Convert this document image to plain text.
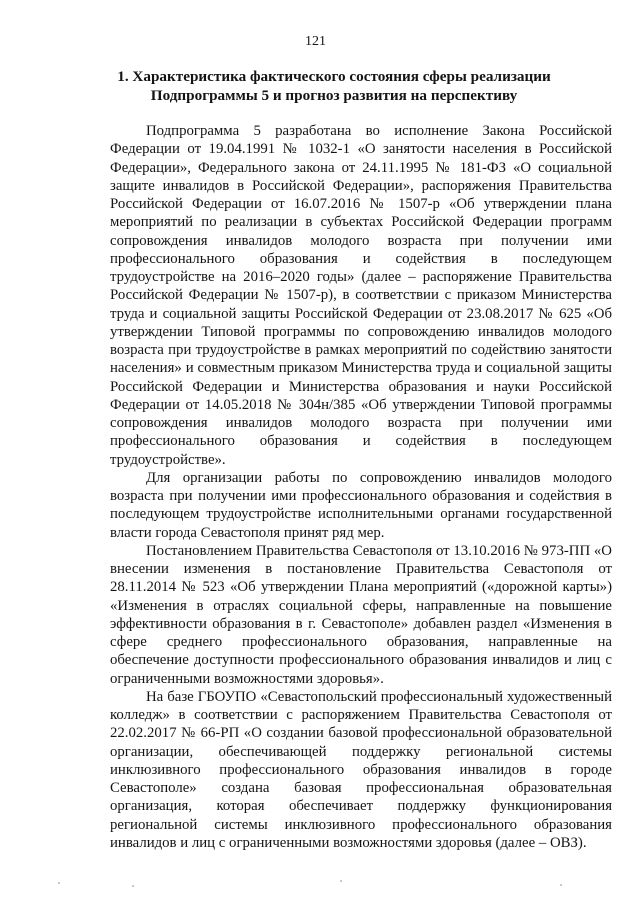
121
1. Характеристика фактического состояния сферы реализации Подпрограммы 5 и прогноз развития на перспективу

Подпрограмма 5 разработана во исполнение Закона Российской Федерации от 19.04.1991 № 1032-1 «О занятости населения в Российской Федерации», Федерального закона от 24.11.1995 № 181-ФЗ «О социальной защите инвалидов в Российской Федерации», распоряжения Правительства Российской Федерации от 16.07.2016 № 1507-р «Об утверждении плана мероприятий по реализации в субъектах Российской Федерации программ сопровождения инвалидов молодого возраста при получении ими профессионального образования и содействия в последующем трудоустройстве на 2016–2020 годы» (далее – распоряжение Правительства Российской Федерации № 1507-р), в соответствии с приказом Министерства труда и социальной защиты Российской Федерации от 23.08.2017 № 625 «Об утверждении Типовой программы по сопровождению инвалидов молодого возраста при трудоустройстве в рамках мероприятий по содействию занятости населения» и совместным приказом Министерства труда и социальной защиты Российской Федерации и Министерства образования и науки Российской Федерации от 14.05.2018 № 304н/385 «Об утверждении Типовой программы сопровождения инвалидов молодого возраста при получении ими профессионального образования и содействия в последующем трудоустройстве».

Для организации работы по сопровождению инвалидов молодого возраста при получении ими профессионального образования и содействия в последующем трудоустройстве исполнительными органами государственной власти города Севастополя принят ряд мер.

Постановлением Правительства Севастополя от 13.10.2016 № 973-ПП «О внесении изменения в постановление Правительства Севастополя от 28.11.2014 № 523 «Об утверждении Плана мероприятий («дорожной карты») «Изменения в отраслях социальной сферы, направленные на повышение эффективности образования в г. Севастополе» добавлен раздел «Изменения в сфере среднего профессионального образования, направленные на обеспечение доступности профессионального образования инвалидов и лиц с ограниченными возможностями здоровья».

На базе ГБОУПО «Севастопольский профессиональный художественный колледж» в соответствии с распоряжением Правительства Севастополя от 22.02.2017 № 66-РП «О создании базовой профессиональной образовательной организации, обеспечивающей поддержку региональной системы инклюзивного профессионального образования инвалидов в городе Севастополе» создана базовая профессиональная образовательная организация, которая обеспечивает поддержку функционирования региональной системы инклюзивного профессионального образования инвалидов и лиц с ограниченными возможностями здоровья (далее – ОВЗ).
